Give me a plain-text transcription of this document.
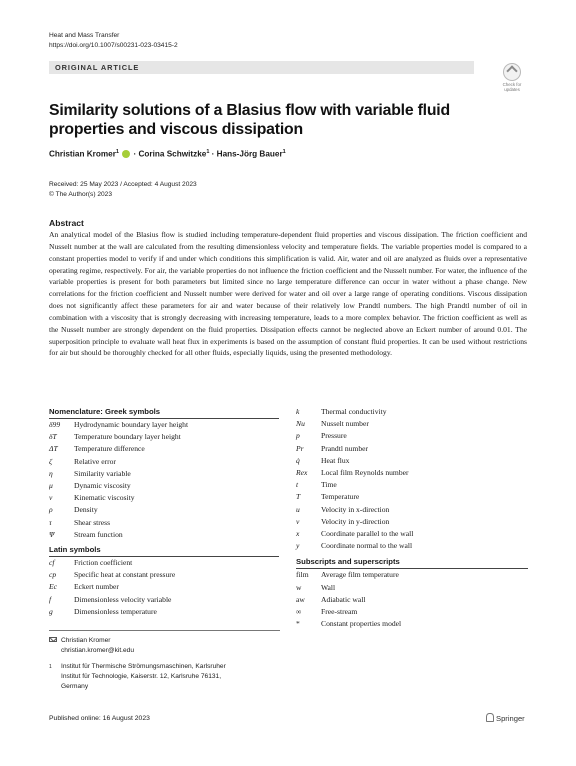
Heat and Mass Transfer
https://doi.org/10.1007/s00231-023-03415-2
ORIGINAL ARTICLE
Check for
updates
Similarity solutions of a Blasius flow with variable fluid properties and viscous dissipation
Christian Kromer$^1$  · Corina Schwitzke$^1$ · Hans-Jörg Bauer$^1$
Received: 25 May 2023 / Accepted: 4 August 2023
© The Author(s) 2023
Abstract
An analytical model of the Blasius flow is studied including temperature-dependent fluid properties and viscous dissipation. The friction coefficient and Nusselt number at the wall are calculated from the resulting dimensionless velocity and temperature fields. The variable properties model is compared to a constant properties model to verify if and under which conditions this simplification is valid. Air, water and oil are analyzed as fluids over a representative operating regime, respectively. For air, the variable properties do not influence the friction coefficient and the Nusselt number. For water, the influence of the variable properties is present for both parameters but limited since no large temperature difference can occur in water without a phase change. New correlations for the friction coefficient and Nusselt number were derived for water and oil over a large range of operating conditions. Viscous dissipation does not significantly affect these parameters for air and water because of their relatively low Prandtl numbers. The high Prandtl number of oil in combination with a viscosity that is strongly decreasing with increasing temperature, leads to a more complex behavior. The friction coefficient as well as the Nusselt number are strongly dependent on the fluid properties. Dissipation effects cannot be neglected above an Eckert number of around 0.01. The superposition principle to evaluate wall heat flux in experiments is based on the assumption of constant fluid properties. It can be used without restrictions for air but should be thoroughly checked for all other fluids, especially liquids, using the presented methodology.
Nomenclature: Greek symbols
δ99	Hydrodynamic boundary layer height
δT	Temperature boundary layer height
ΔT	Temperature difference
ζ	Relative error
η	Similarity variable
μ	Dynamic viscosity
ν	Kinematic viscosity
ρ	Density
τ	Shear stress
Ψ	Stream function
Latin symbols
cf	Friction coefficient
cp	Specific heat at constant pressure
Ec	Eckert number
f	Dimensionless velocity variable
g	Dimensionless temperature
k	Thermal conductivity
Nu	Nusselt number
p	Pressure
Pr	Prandtl number
q̇	Heat flux
Rex	Local film Reynolds number
t	Time
T	Temperature
u	Velocity in x-direction
v	Velocity in y-direction
x	Coordinate parallel to the wall
y	Coordinate normal to the wall
Subscripts and superscripts
film	Average film temperature
w	Wall
aw	Adiabatic wall
∞	Free-stream
*	Constant properties model
Christian Kromer
christian.kromer@kit.edu
1 Institut für Thermische Strömungsmaschinen, Karlsruher
Institut für Technologie, Kaiserstr. 12, Karlsruhe 76131,
Germany
Published online: 16 August 2023	Springer
